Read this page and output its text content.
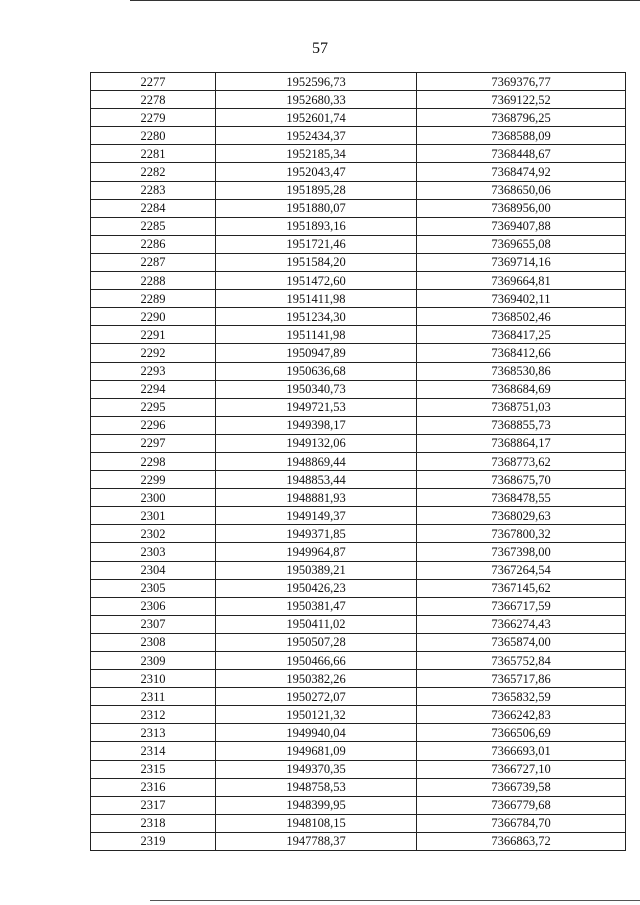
57
2277	1952596,73	7369376,77
2278	1952680,33	7369122,52
2279	1952601,74	7368796,25
2280	1952434,37	7368588,09
2281	1952185,34	7368448,67
2282	1952043,47	7368474,92
2283	1951895,28	7368650,06
2284	1951880,07	7368956,00
2285	1951893,16	7369407,88
2286	1951721,46	7369655,08
2287	1951584,20	7369714,16
2288	1951472,60	7369664,81
2289	1951411,98	7369402,11
2290	1951234,30	7368502,46
2291	1951141,98	7368417,25
2292	1950947,89	7368412,66
2293	1950636,68	7368530,86
2294	1950340,73	7368684,69
2295	1949721,53	7368751,03
2296	1949398,17	7368855,73
2297	1949132,06	7368864,17
2298	1948869,44	7368773,62
2299	1948853,44	7368675,70
2300	1948881,93	7368478,55
2301	1949149,37	7368029,63
2302	1949371,85	7367800,32
2303	1949964,87	7367398,00
2304	1950389,21	7367264,54
2305	1950426,23	7367145,62
2306	1950381,47	7366717,59
2307	1950411,02	7366274,43
2308	1950507,28	7365874,00
2309	1950466,66	7365752,84
2310	1950382,26	7365717,86
2311	1950272,07	7365832,59
2312	1950121,32	7366242,83
2313	1949940,04	7366506,69
2314	1949681,09	7366693,01
2315	1949370,35	7366727,10
2316	1948758,53	7366739,58
2317	1948399,95	7366779,68
2318	1948108,15	7366784,70
2319	1947788,37	7366863,72
